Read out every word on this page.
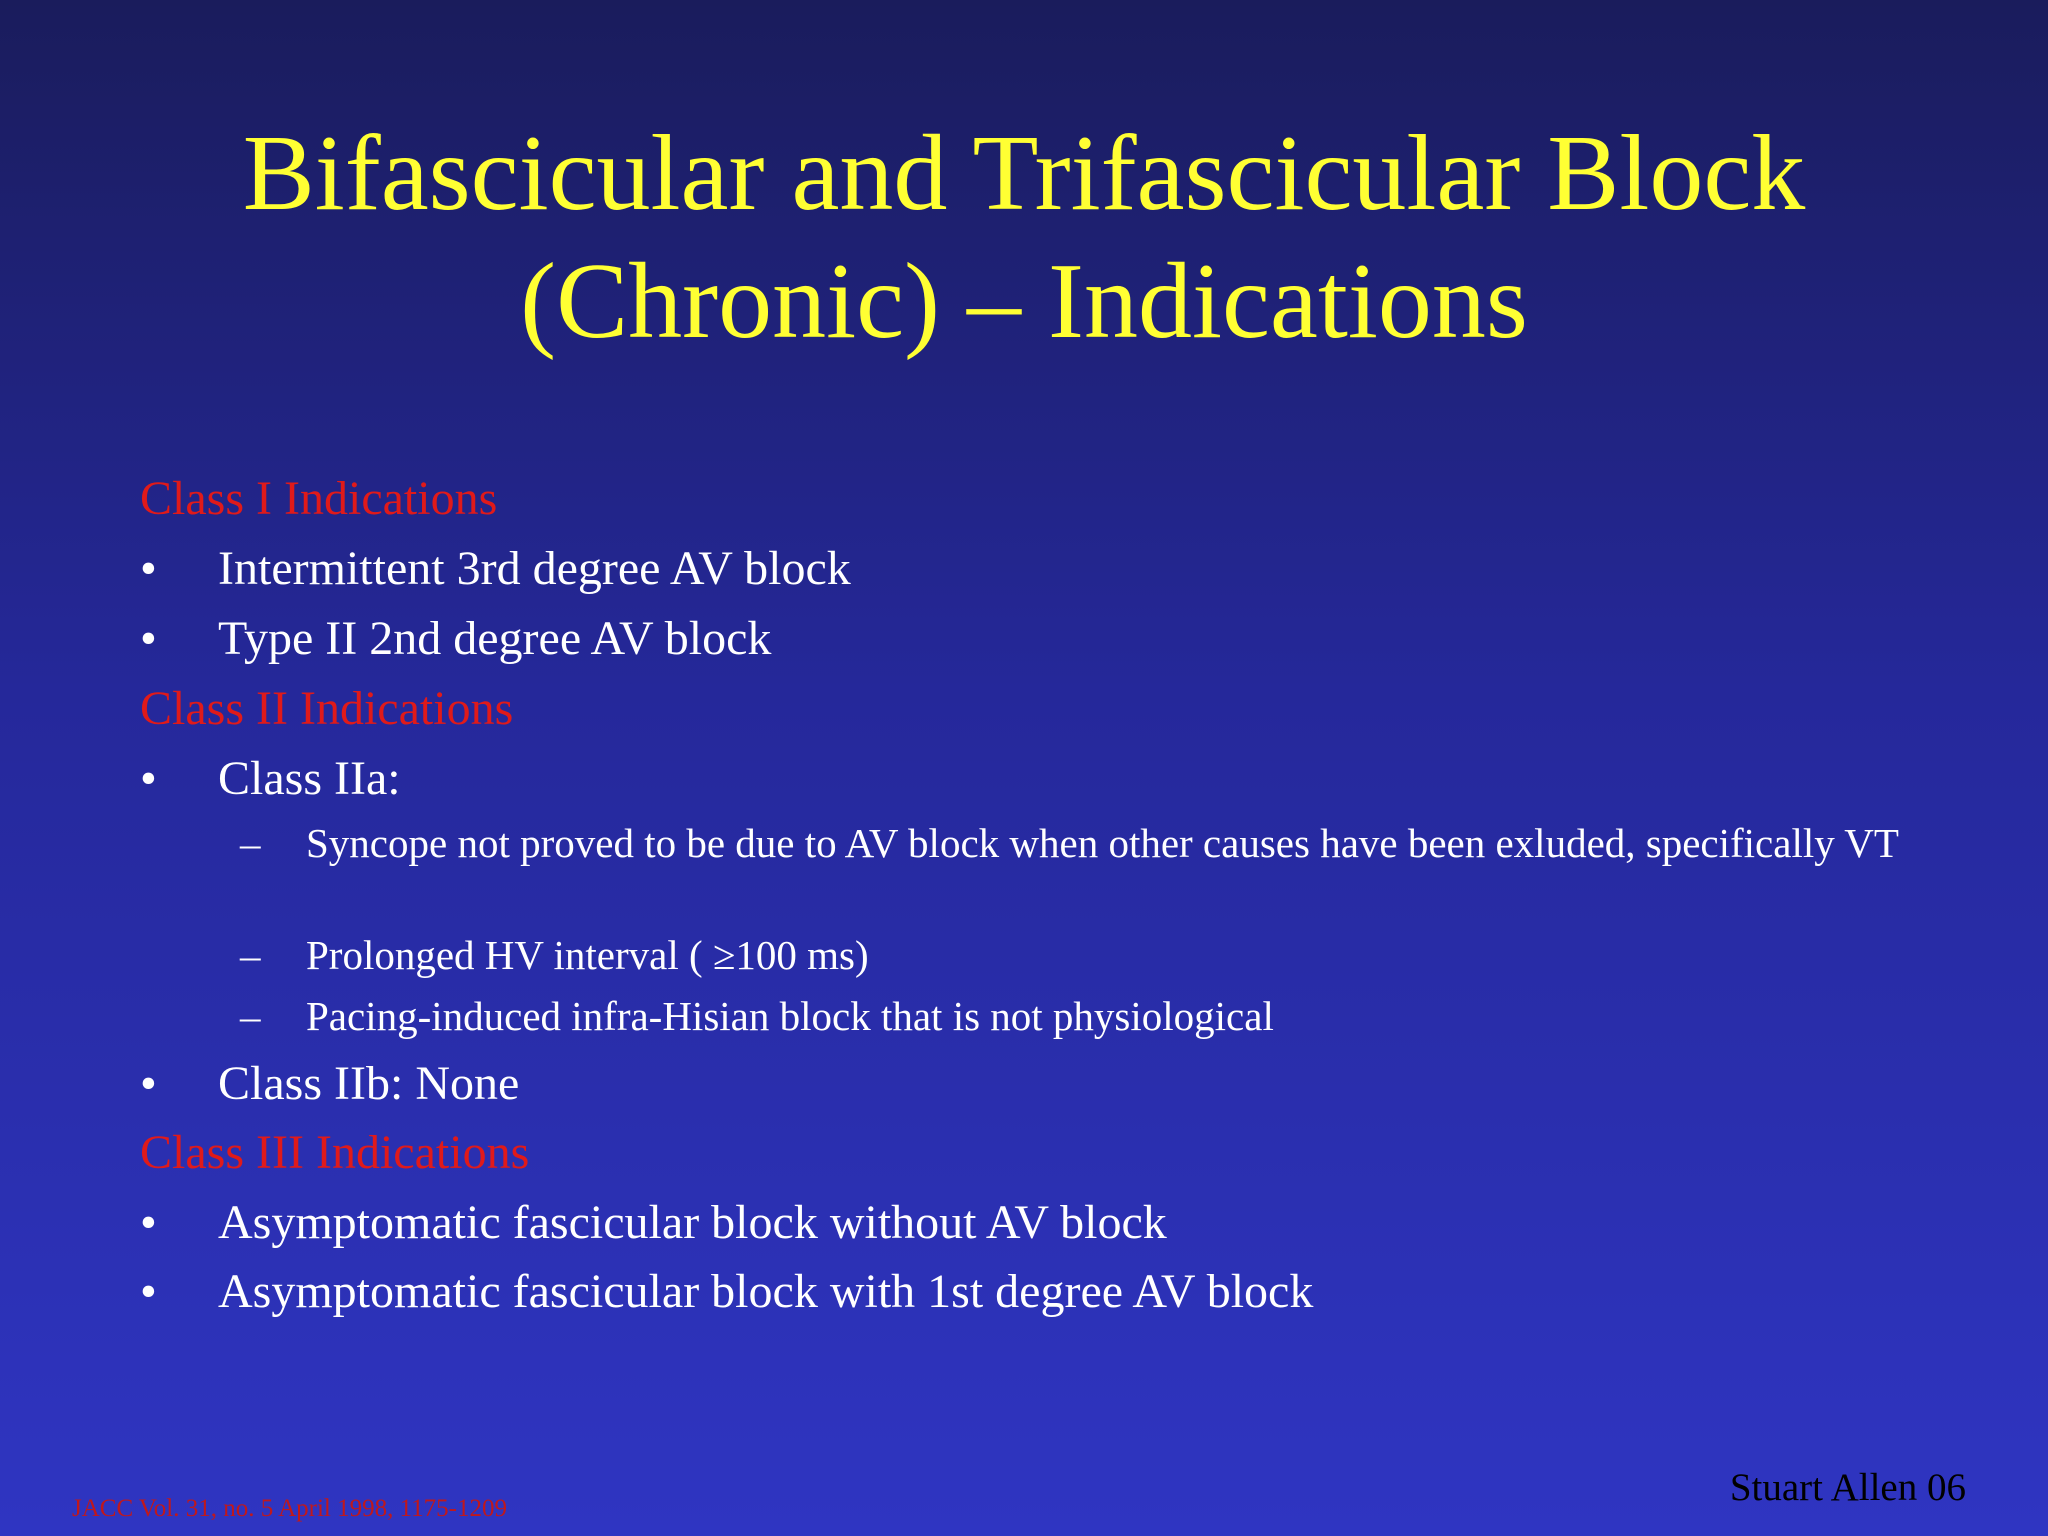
Bifascicular and Trifascicular Block
(Chronic) – Indications
Class I Indications
•	Intermittent 3rd degree AV block
•	Type II 2nd degree AV block
Class II Indications
•	Class IIa:
– Syncope not proved to be due to AV block when other causes have been exluded, specifically VT
– Prolonged HV interval ( ≥100 ms)
– Pacing-induced infra-Hisian block that is not physiological
•	Class IIb: None
Class III Indications
•	Asymptomatic fascicular block without AV block
•	Asymptomatic fascicular block with 1st degree AV block
JACC Vol. 31, no. 5 April 1998, 1175-1209	Stuart Allen 06
